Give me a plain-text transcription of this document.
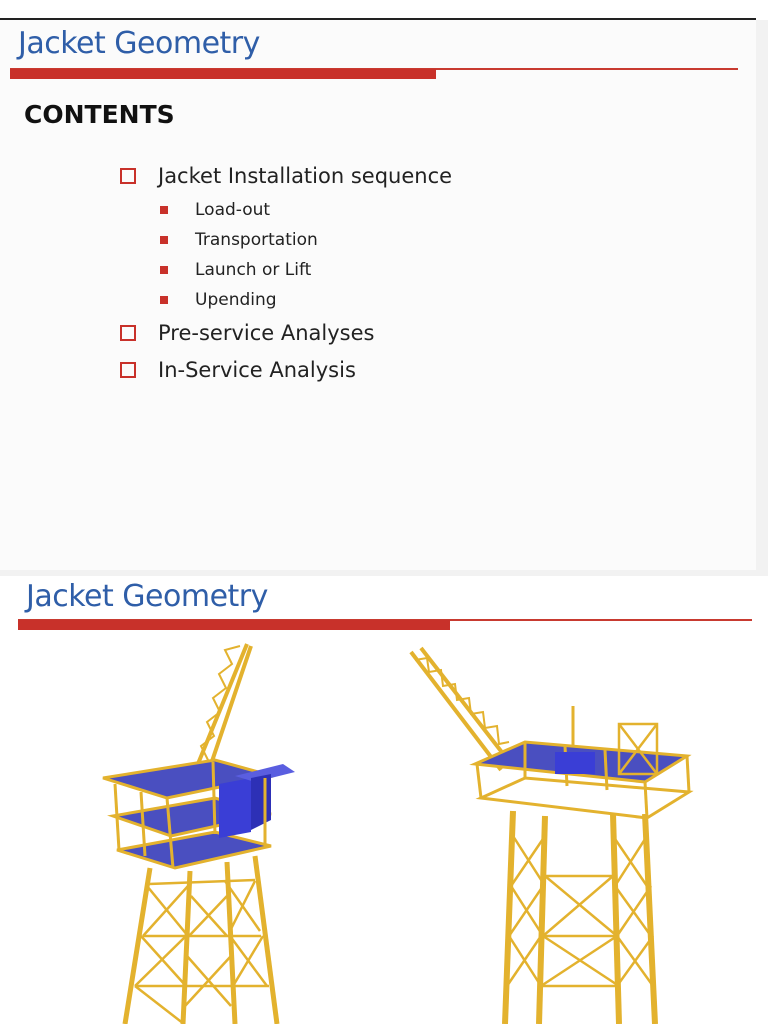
Jacket Geometry
CONTENTS
Jacket Installation sequence
Load-out
Transportation
Launch or Lift
Upending
Pre-service Analyses
In-Service Analysis
Jacket Geometry
